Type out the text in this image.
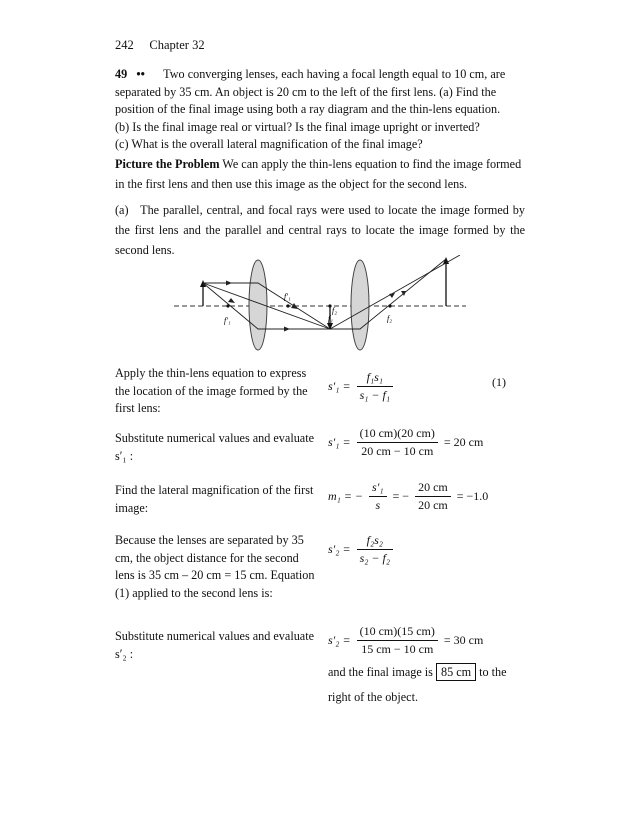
242 Chapter 32
49 •• Two converging lenses, each having a focal length equal to 10 cm, are
separated by 35 cm. An object is 20 cm to the left of the first lens. (a) Find the
position of the final image using both a ray diagram and the thin-lens equation.
(b) Is the final image real or virtual? Is the final image upright or inverted?
(c) What is the overall lateral magnification of the final image?
Picture the Problem We can apply the thin-lens equation to find the image formed in the first lens and then use this image as the object for the second lens.
(a) The parallel, central, and focal rays were used to locate the image formed by the first lens and the parallel and central rays to locate the image formed by the second lens.
f′₁
f′₁
f₁
f₂
f₂
Apply the thin-lens equation to express the location of the image formed by the first lens:
$s'_1 = \frac{\text{f₁s₁}}{\text{s₁ − f₁}}$	(1)
Substitute numerical values and evaluate s′₁ :
$s'_1 = \frac{(10 cm)(20 cm)}{20 cm - 10 cm} = 20$ cm
Find the lateral magnification of the first image:
m₁ = − $\frac{\text{s′₁}}{s}$ = − $\frac{20 cm}{20 cm} = -1.0$
Because the lenses are separated by 35 cm, the object distance for the second lens is 35 cm – 20 cm = 15 cm. Equation (1) applied to the second lens is:
$s'_2 = \frac{\text{f₂s₂}}{\text{s₂ − f₂}}$
Substitute numerical values and evaluate s′₂ :
$s'_2 = \frac{(10 cm)(15 cm)}{15 cm - 10 cm} = 30$ cm
and the final image is 85 cm to the
right of the object.
